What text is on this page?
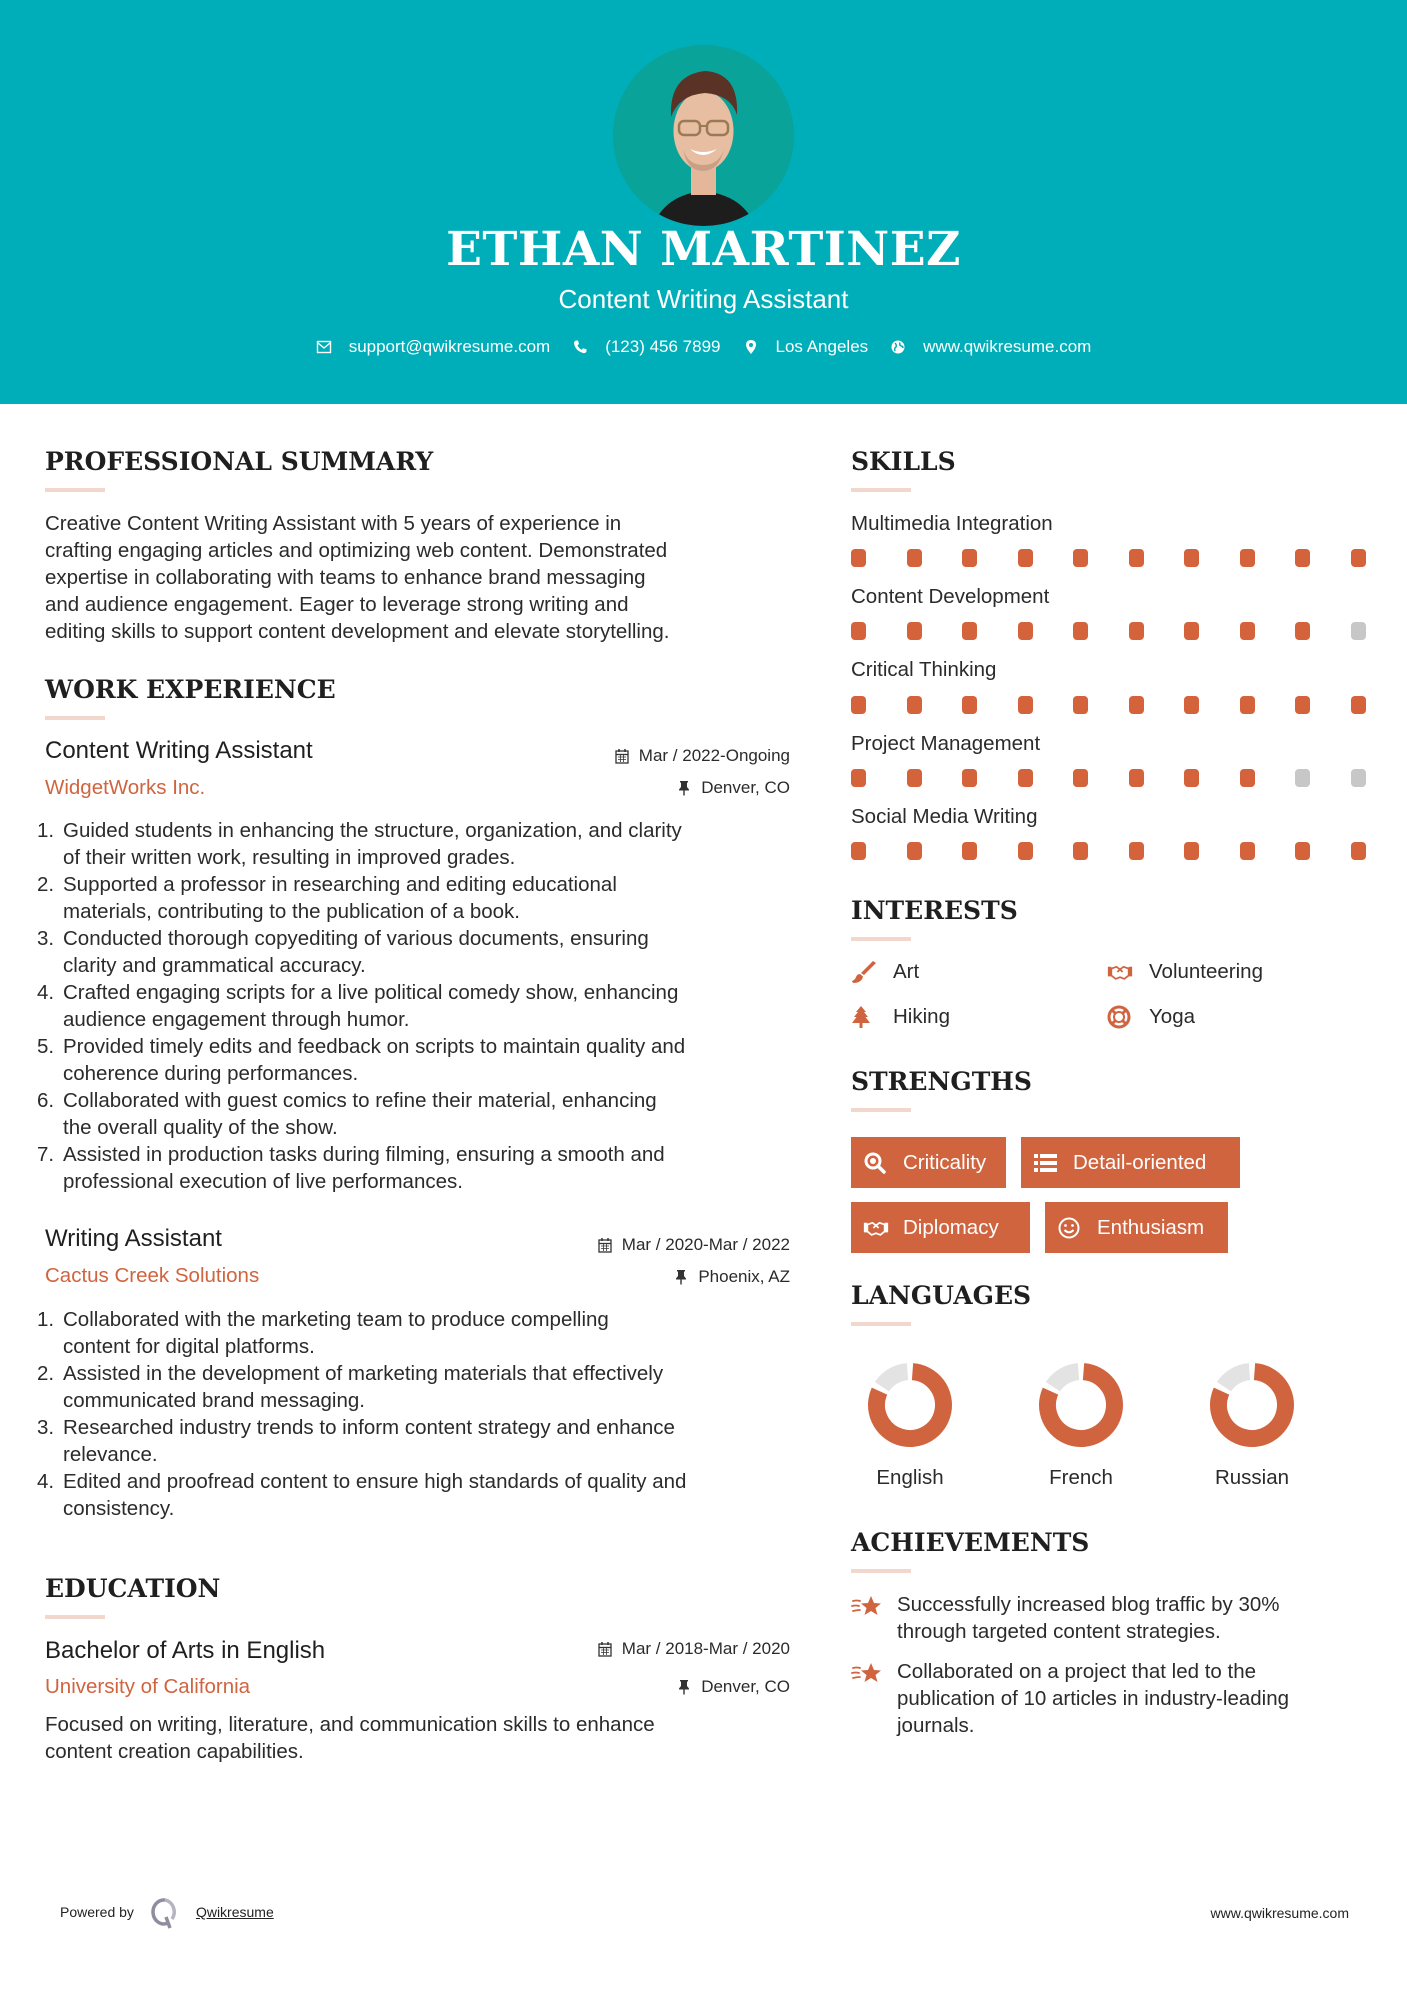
ETHAN MARTINEZ
Content Writing Assistant
support@qwikresume.com	(123) 456 7899	Los Angeles	www.qwikresume.com
PROFESSIONAL SUMMARY
Creative Content Writing Assistant with 5 years of experience in
crafting engaging articles and optimizing web content. Demonstrated
expertise in collaborating with teams to enhance brand messaging
and audience engagement. Eager to leverage strong writing and
editing skills to support content development and elevate storytelling.
WORK EXPERIENCE
Content Writing Assistant	Mar / 2022-Ongoing
WidgetWorks Inc.	Denver, CO
1. Guided students in enhancing the structure, organization, and clarity
of their written work, resulting in improved grades.
2. Supported a professor in researching and editing educational
materials, contributing to the publication of a book.
3. Conducted thorough copyediting of various documents, ensuring
clarity and grammatical accuracy.
4. Crafted engaging scripts for a live political comedy show, enhancing
audience engagement through humor.
5. Provided timely edits and feedback on scripts to maintain quality and
coherence during performances.
6. Collaborated with guest comics to refine their material, enhancing
the overall quality of the show.
7. Assisted in production tasks during filming, ensuring a smooth and
professional execution of live performances.
Writing Assistant	Mar / 2020-Mar / 2022
Cactus Creek Solutions	Phoenix, AZ
1. Collaborated with the marketing team to produce compelling
content for digital platforms.
2. Assisted in the development of marketing materials that effectively
communicated brand messaging.
3. Researched industry trends to inform content strategy and enhance
relevance.
4. Edited and proofread content to ensure high standards of quality and
consistency.
EDUCATION
Bachelor of Arts in English	Mar / 2018-Mar / 2020
University of California	Denver, CO
Focused on writing, literature, and communication skills to enhance
content creation capabilities.
SKILLS
Multimedia Integration
Content Development
Critical Thinking
Project Management
Social Media Writing
INTERESTS
Art	Volunteering
Hiking	Yoga
STRENGTHS
Criticality	Detail-oriented
Diplomacy	Enthusiasm
LANGUAGES
English	French	Russian
ACHIEVEMENTS
Successfully increased blog traffic by 30%
through targeted content strategies.
Collaborated on a project that led to the
publication of 10 articles in industry-leading
journals.
Powered by	Qwikresume	www.qwikresume.com
